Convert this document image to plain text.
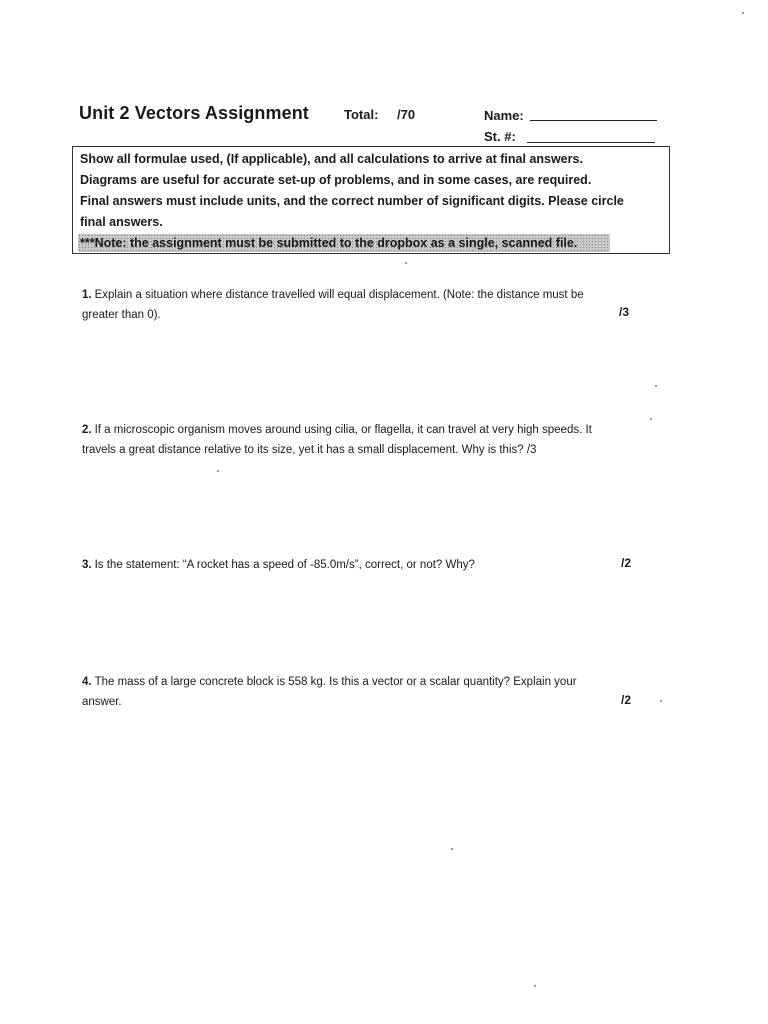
Unit 2 Vectors Assignment	Total: /70	Name:
St. #:
Show all formulae used, (If applicable), and all calculations to arrive at final answers.
Diagrams are useful for accurate set-up of problems, and in some cases, are required.
Final answers must include units, and the correct number of significant digits. Please circle
final answers.
***Note: the assignment must be submitted to the dropbox as a single, scanned file.
1. Explain a situation where distance travelled will equal displacement. (Note: the distance must be
greater than 0).	/3
2. If a microscopic organism moves around using cilia, or flagella, it can travel at very high speeds. It
travels a great distance relative to its size, yet it has a small displacement. Why is this? /3
3. Is the statement: “A rocket has a speed of -85.0m/s”, correct, or not? Why?	/2
4. The mass of a large concrete block is 558 kg. Is this a vector or a scalar quantity? Explain your
answer.	/2
